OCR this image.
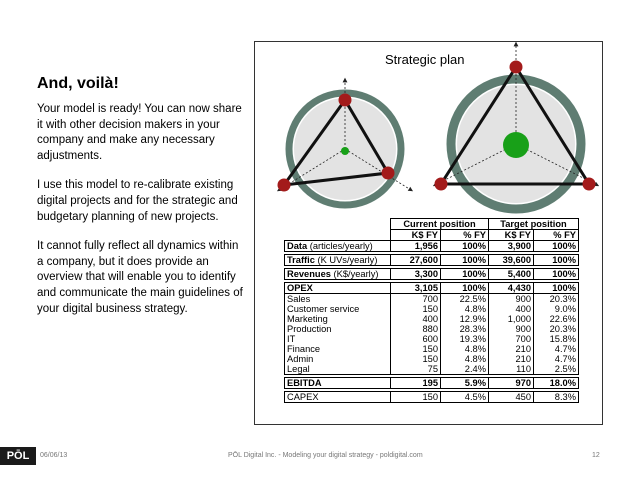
And, voilà!

Your model is ready! You can now share it with other decision makers in your company and make any necessary adjustments.

I use this model to re-calibrate existing digital projects and for the strategic and budgetary planning of new projects.

It cannot fully reflect all dynamics within a company, but it does provide an overview that will enable you to identify and communicate the main guidelines of your digital business strategy.

Strategic plan
	Current position		Target position	
	K$ FY	% FY	K$ FY	% FY
Data (articles/yearly)	1,956	100%	3,900	100%

Traffic (K UVs/yearly)	27,600	100%	39,600	100%

Revenues (K$/yearly)	3,300	100%	5,400	100%

OPEX	3,105	100%	4,430	100%
Sales	700	22.5%	900	20.3%
Customer service	150	4.8%	400	9.0%
Marketing	400	12.9%	1,000	22.6%
Production	880	28.3%	900	20.3%
IT	600	19.3%	700	15.8%
Finance	150	4.8%	210	4.7%
Admin	150	4.8%	210	4.7%
Legal	75	2.4%	110	2.5%

EBITDA	195	5.9%	970	18.0%

CAPEX	150	4.5%	450	8.3%
PŌL	06/06/13	PŌL Digital Inc. - Modeling your digital strategy - poldigital.com	12
